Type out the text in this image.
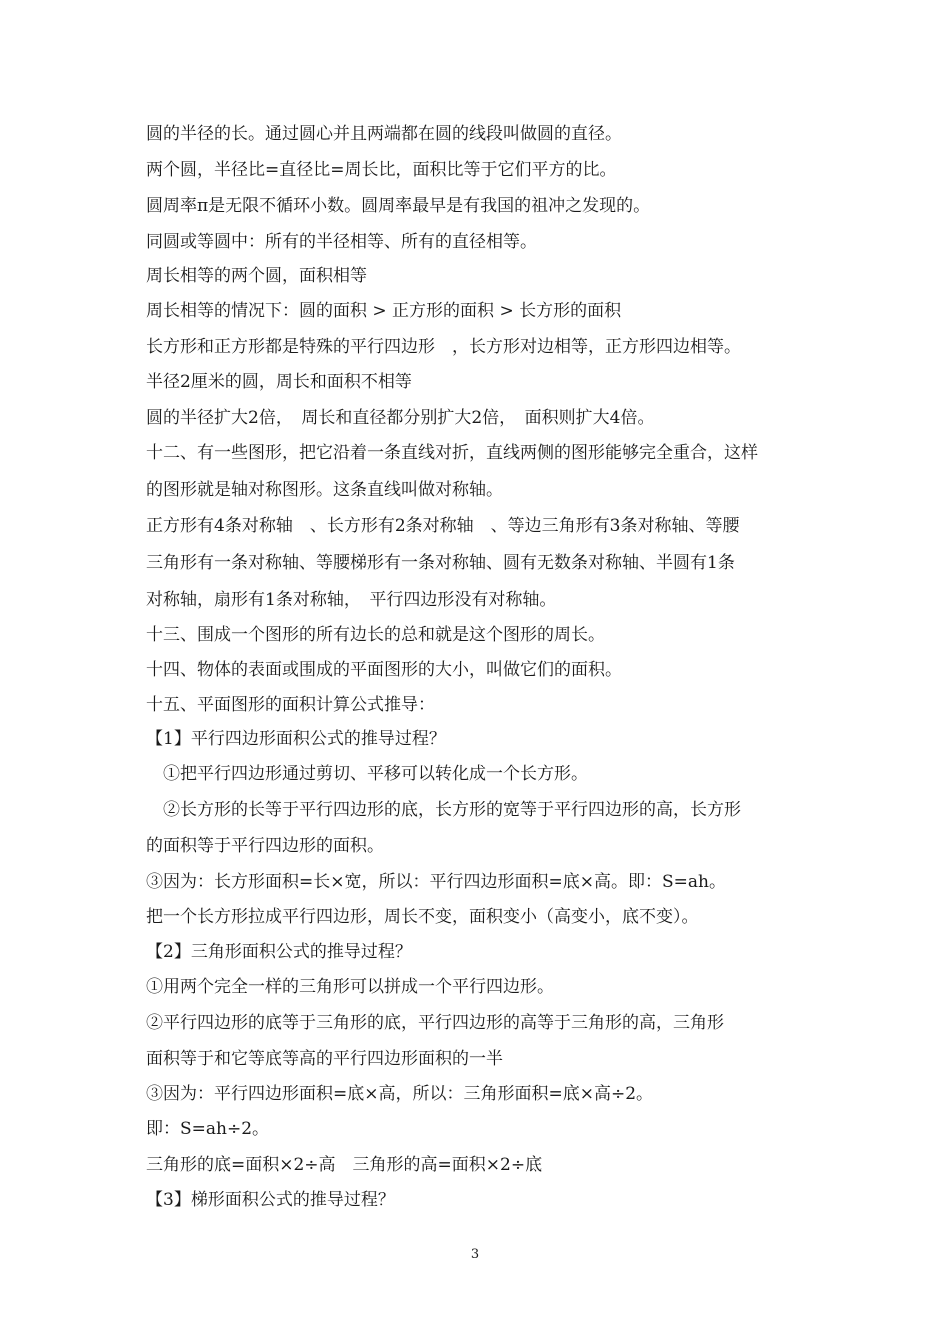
圆的半径的长。通过圆心并且两端都在圆的线段叫做圆的直径。
两个圆，半径比=直径比=周长比，面积比等于它们平方的比。
圆周率π是无限不循环小数。圆周率最早是有我国的祖冲之发现的。
同圆或等圆中：所有的半径相等、所有的直径相等。
周长相等的两个圆，面积相等
周长相等的情况下：圆的面积 > 正方形的面积 > 长方形的面积
长方形和正方形都是特殊的平行四边形　，长方形对边相等，正方形四边相等。
半径2厘米的圆，周长和面积不相等
圆的半径扩大2倍，　周长和直径都分别扩大2倍，　面积则扩大4倍。
十二、有一些图形，把它沿着一条直线对折，直线两侧的图形能够完全重合，这样
的图形就是轴对称图形。这条直线叫做对称轴。
正方形有4条对称轴　、长方形有2条对称轴　、等边三角形有3条对称轴、等腰
三角形有一条对称轴、等腰梯形有一条对称轴、圆有无数条对称轴、半圆有1条
对称轴，扇形有1条对称轴，　平行四边形没有对称轴。
十三、围成一个图形的所有边长的总和就是这个图形的周长。
十四、物体的表面或围成的平面图形的大小，叫做它们的面积。
十五、平面图形的面积计算公式推导：
【1】平行四边形面积公式的推导过程？
　①把平行四边形通过剪切、平移可以转化成一个长方形。
　②长方形的长等于平行四边形的底，长方形的宽等于平行四边形的高，长方形
的面积等于平行四边形的面积。
③因为：长方形面积=长×宽，所以：平行四边形面积=底×高。即：S=ah。
把一个长方形拉成平行四边形，周长不变，面积变小（高变小，底不变）。
【2】三角形面积公式的推导过程？
①用两个完全一样的三角形可以拼成一个平行四边形。
②平行四边形的底等于三角形的底，平行四边形的高等于三角形的高，三角形
面积等于和它等底等高的平行四边形面积的一半
③因为：平行四边形面积=底×高，所以：三角形面积=底×高÷2。
即：S=ah÷2。
三角形的底=面积×2÷高　三角形的高=面积×2÷底
【3】梯形面积公式的推导过程？
3
